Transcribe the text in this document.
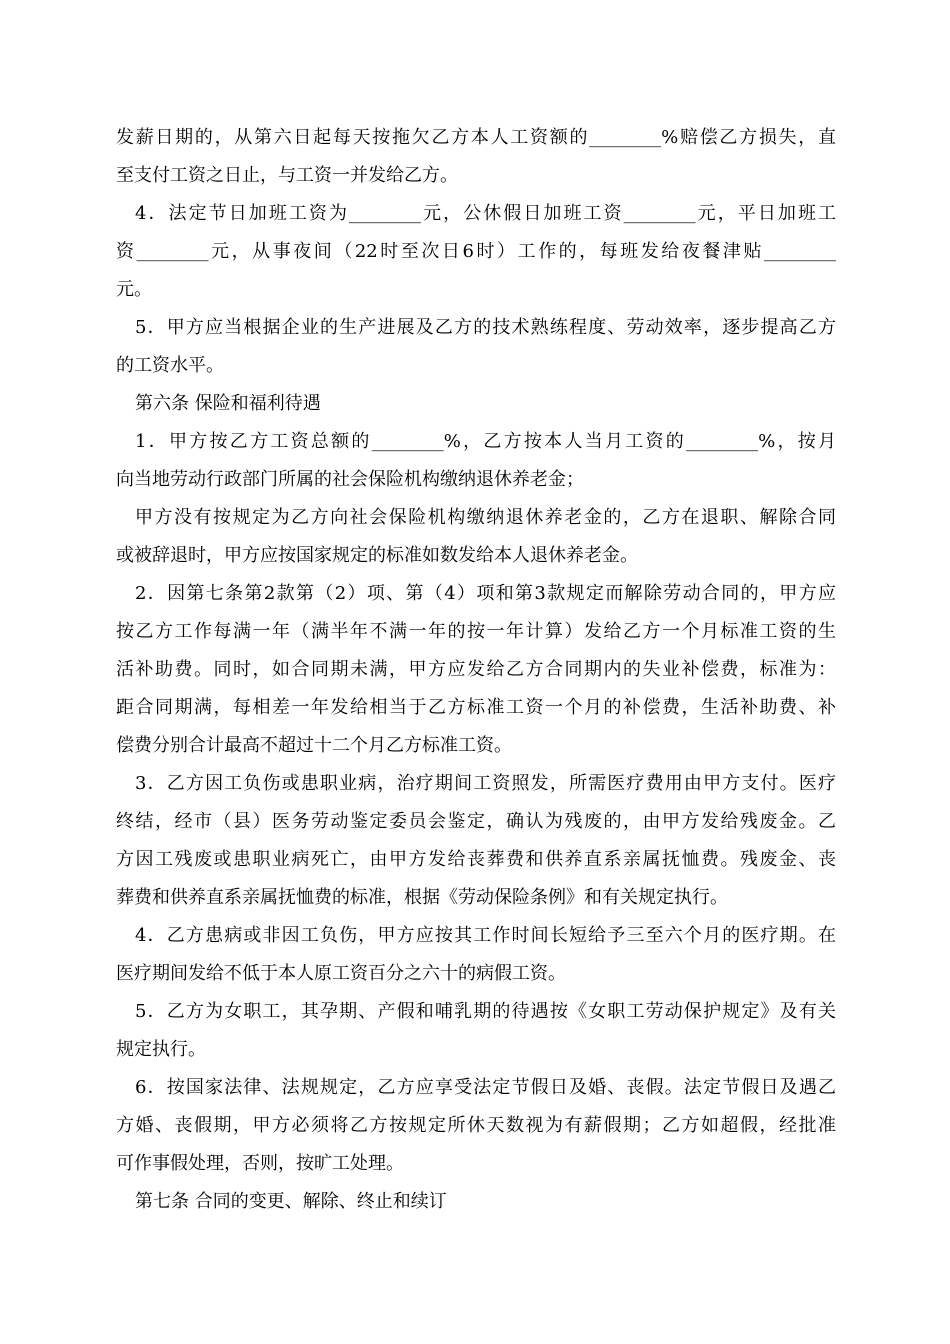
发薪日期的，从第六日起每天按拖欠乙方本人工资额的________%赔偿乙方损失，直
至支付工资之日止，与工资一并发给乙方。
4．法定节日加班工资为________元，公休假日加班工资________元，平日加班工
资________元，从事夜间（22时至次日6时）工作的，每班发给夜餐津贴________
元。
5．甲方应当根据企业的生产进展及乙方的技术熟练程度、劳动效率，逐步提高乙方
的工资水平。
第六条 保险和福利待遇
1．甲方按乙方工资总额的________%，乙方按本人当月工资的________%，按月
向当地劳动行政部门所属的社会保险机构缴纳退休养老金；
甲方没有按规定为乙方向社会保险机构缴纳退休养老金的，乙方在退职、解除合同
或被辞退时，甲方应按国家规定的标准如数发给本人退休养老金。
2．因第七条第2款第（2）项、第（4）项和第3款规定而解除劳动合同的，甲方应
按乙方工作每满一年（满半年不满一年的按一年计算）发给乙方一个月标准工资的生
活补助费。同时，如合同期未满，甲方应发给乙方合同期内的失业补偿费，标准为：
距合同期满，每相差一年发给相当于乙方标准工资一个月的补偿费，生活补助费、补
偿费分别合计最高不超过十二个月乙方标准工资。
3．乙方因工负伤或患职业病，治疗期间工资照发，所需医疗费用由甲方支付。医疗
终结，经市（县）医务劳动鉴定委员会鉴定，确认为残废的，由甲方发给残废金。乙
方因工残废或患职业病死亡，由甲方发给丧葬费和供养直系亲属抚恤费。残废金、丧
葬费和供养直系亲属抚恤费的标准，根据《劳动保险条例》和有关规定执行。
4．乙方患病或非因工负伤，甲方应按其工作时间长短给予三至六个月的医疗期。在
医疗期间发给不低于本人原工资百分之六十的病假工资。
5．乙方为女职工，其孕期、产假和哺乳期的待遇按《女职工劳动保护规定》及有关
规定执行。
6．按国家法律、法规规定，乙方应享受法定节假日及婚、丧假。法定节假日及遇乙
方婚、丧假期，甲方必须将乙方按规定所休天数视为有薪假期；乙方如超假，经批准
可作事假处理，否则，按旷工处理。
第七条 合同的变更、解除、终止和续订
